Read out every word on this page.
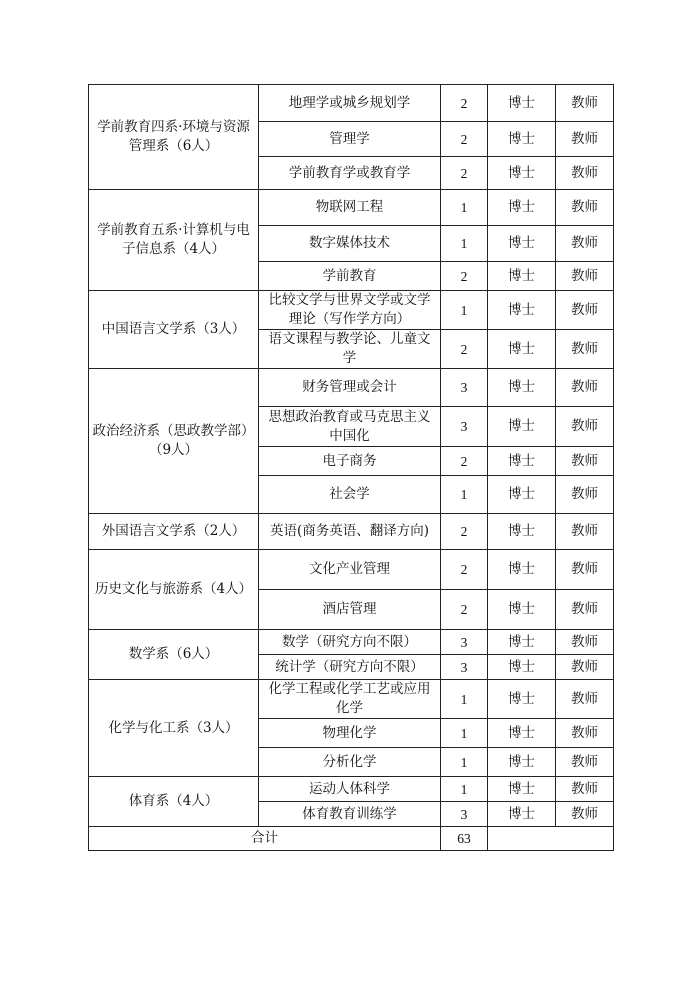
学前教育四系·环境与资源管理系（6人）	地理学或城乡规划学	2	博士	教师
	管理学	2	博士	教师
	学前教育学或教育学	2	博士	教师
学前教育五系·计算机与电子信息系（4人）	物联网工程	1	博士	教师
	数字媒体技术	1	博士	教师
	学前教育	2	博士	教师
中国语言文学系（3人）	比较文学与世界文学或文学理论（写作学方向）	1	博士	教师
	语文课程与教学论、儿童文学	2	博士	教师
政治经济系（思政教学部）（9人）	财务管理或会计	3	博士	教师
	思想政治教育或马克思主义中国化	3	博士	教师
	电子商务	2	博士	教师
	社会学	1	博士	教师
外国语言文学系（2人）	英语(商务英语、翻译方向)	2	博士	教师
历史文化与旅游系（4人）	文化产业管理	2	博士	教师
	酒店管理	2	博士	教师
数学系（6人）	数学（研究方向不限）	3	博士	教师
	统计学（研究方向不限）	3	博士	教师
化学与化工系（3人）	化学工程或化学工艺或应用化学	1	博士	教师
	物理化学	1	博士	教师
	分析化学	1	博士	教师
体育系（4人）	运动人体科学	1	博士	教师
	体育教育训练学	3	博士	教师
合计		63		
